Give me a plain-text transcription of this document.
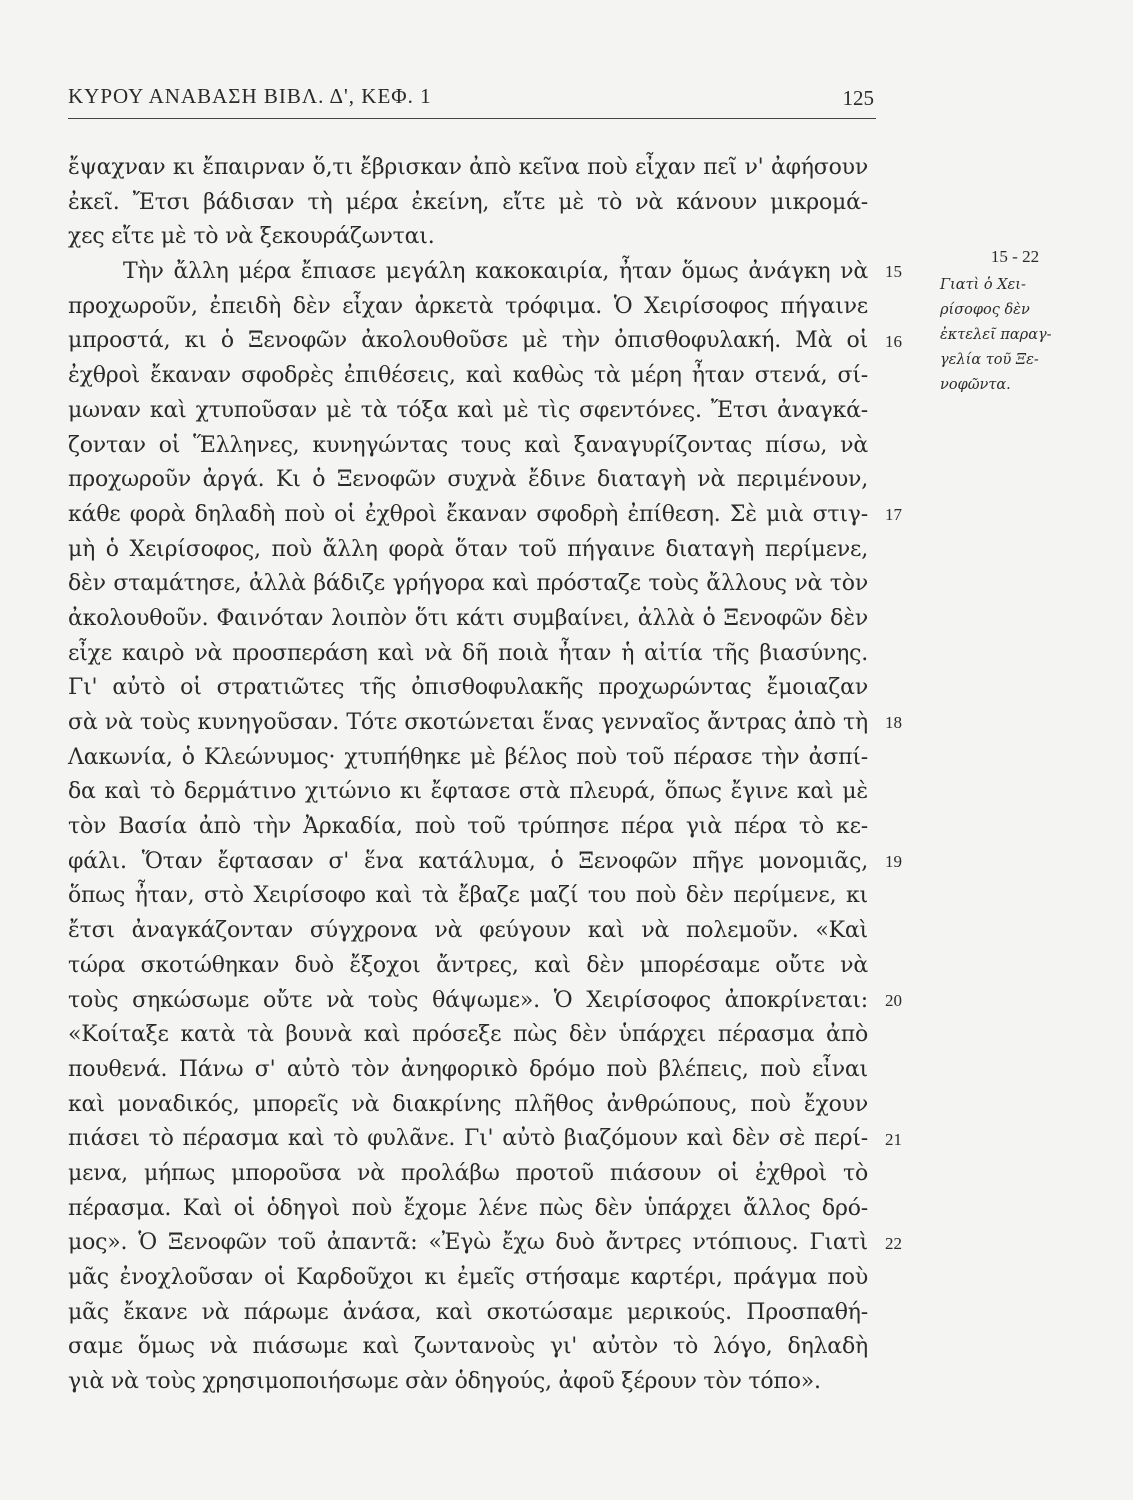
ΚΥΡΟΥ ΑΝΑΒΑΣΗ ΒΙΒΛ. Δ', ΚΕΦ. 1	125
ἔψαχναν κι ἔπαιρναν ὅ,τι ἔβρισκαν ἀπὸ κεῖνα ποὺ εἶχαν πεῖ ν' ἀφήσουν
ἐκεῖ. Ἔτσι βάδισαν τὴ μέρα ἐκείνη, εἴτε μὲ τὸ νὰ κάνουν μικρομά-
χες εἴτε μὲ τὸ νὰ ξεκουράζωνται.
Τὴν ἄλλη μέρα ἔπιασε μεγάλη κακοκαιρία, ἦταν ὅμως ἀνάγκη νὰ
προχωροῦν, ἐπειδὴ δὲν εἶχαν ἀρκετὰ τρόφιμα. Ὁ Χειρίσοφος πήγαινε
μπροστά, κι ὁ Ξενοφῶν ἀκολουθοῦσε μὲ τὴν ὀπισθοφυλακή. Μὰ οἱ
ἐχθροὶ ἔκαναν σφοδρὲς ἐπιθέσεις, καὶ καθὼς τὰ μέρη ἦταν στενά, σί-
μωναν καὶ χτυποῦσαν μὲ τὰ τόξα καὶ μὲ τὶς σφεντόνες. Ἔτσι ἀναγκά-
ζονταν οἱ Ἕλληνες, κυνηγώντας τους καὶ ξαναγυρίζοντας πίσω, νὰ
προχωροῦν ἀργά. Κι ὁ Ξενοφῶν συχνὰ ἔδινε διαταγὴ νὰ περιμένουν,
κάθε φορὰ δηλαδὴ ποὺ οἱ ἐχθροὶ ἔκαναν σφοδρὴ ἐπίθεση. Σὲ μιὰ στιγ-
μὴ ὁ Χειρίσοφος, ποὺ ἄλλη φορὰ ὅταν τοῦ πήγαινε διαταγὴ περίμενε,
δὲν σταμάτησε, ἀλλὰ βάδιζε γρήγορα καὶ πρόσταζε τοὺς ἄλλους νὰ τὸν
ἀκολουθοῦν. Φαινόταν λοιπὸν ὅτι κάτι συμβαίνει, ἀλλὰ ὁ Ξενοφῶν δὲν
εἶχε καιρὸ νὰ προσπεράση καὶ νὰ δῆ ποιὰ ἦταν ἡ αἰτία τῆς βιασύνης.
Γι' αὐτὸ οἱ στρατιῶτες τῆς ὀπισθοφυλακῆς προχωρώντας ἔμοιαζαν
σὰ νὰ τοὺς κυνηγοῦσαν. Τότε σκοτώνεται ἕνας γενναῖος ἄντρας ἀπὸ τὴ
Λακωνία, ὁ Κλεώνυμος· χτυπήθηκε μὲ βέλος ποὺ τοῦ πέρασε τὴν ἀσπί-
δα καὶ τὸ δερμάτινο χιτώνιο κι ἔφτασε στὰ πλευρά, ὅπως ἔγινε καὶ μὲ
τὸν Βασία ἀπὸ τὴν Ἀρκαδία, ποὺ τοῦ τρύπησε πέρα γιὰ πέρα τὸ κε-
φάλι. Ὅταν ἔφτασαν σ' ἕνα κατάλυμα, ὁ Ξενοφῶν πῆγε μονομιᾶς,
ὅπως ἦταν, στὸ Χειρίσοφο καὶ τὰ ἔβαζε μαζί του ποὺ δὲν περίμενε, κι
ἔτσι ἀναγκάζονταν σύγχρονα νὰ φεύγουν καὶ νὰ πολεμοῦν. «Καὶ
τώρα σκοτώθηκαν δυὸ ἔξοχοι ἄντρες, καὶ δὲν μπορέσαμε οὔτε νὰ
τοὺς σηκώσωμε οὔτε νὰ τοὺς θάψωμε». Ὁ Χειρίσοφος ἀποκρίνεται:
«Κοίταξε κατὰ τὰ βουνὰ καὶ πρόσεξε πὼς δὲν ὑπάρχει πέρασμα ἀπὸ
πουθενά. Πάνω σ' αὐτὸ τὸν ἀνηφορικὸ δρόμο ποὺ βλέπεις, ποὺ εἶναι
καὶ μοναδικός, μπορεῖς νὰ διακρίνης πλῆθος ἀνθρώπους, ποὺ ἔχουν
πιάσει τὸ πέρασμα καὶ τὸ φυλᾶνε. Γι' αὐτὸ βιαζόμουν καὶ δὲν σὲ περί-
μενα, μήπως μποροῦσα νὰ προλάβω προτοῦ πιάσουν οἱ ἐχθροὶ τὸ
πέρασμα. Καὶ οἱ ὁδηγοὶ ποὺ ἔχομε λένε πὼς δὲν ὑπάρχει ἄλλος δρό-
μος». Ὁ Ξενοφῶν τοῦ ἀπαντᾶ: «Ἐγὼ ἔχω δυὸ ἄντρες ντόπιους. Γιατὶ
μᾶς ἐνοχλοῦσαν οἱ Καρδοῦχοι κι ἐμεῖς στήσαμε καρτέρι, πράγμα ποὺ
μᾶς ἔκανε νὰ πάρωμε ἀνάσα, καὶ σκοτώσαμε μερικούς. Προσπαθή-
σαμε ὅμως νὰ πιάσωμε καὶ ζωντανοὺς γι' αὐτὸν τὸ λόγο, δηλαδὴ
γιὰ νὰ τοὺς χρησιμοποιήσωμε σὰν ὁδηγούς, ἀφοῦ ξέρουν τὸν τόπο».
15
16
17
18
19
20
21
22
15 - 22
Γιατὶ ὁ Χει-
ρίσοφος δὲν
ἐκτελεῖ παραγ-
γελία τοῦ Ξε-
νοφῶντα.
